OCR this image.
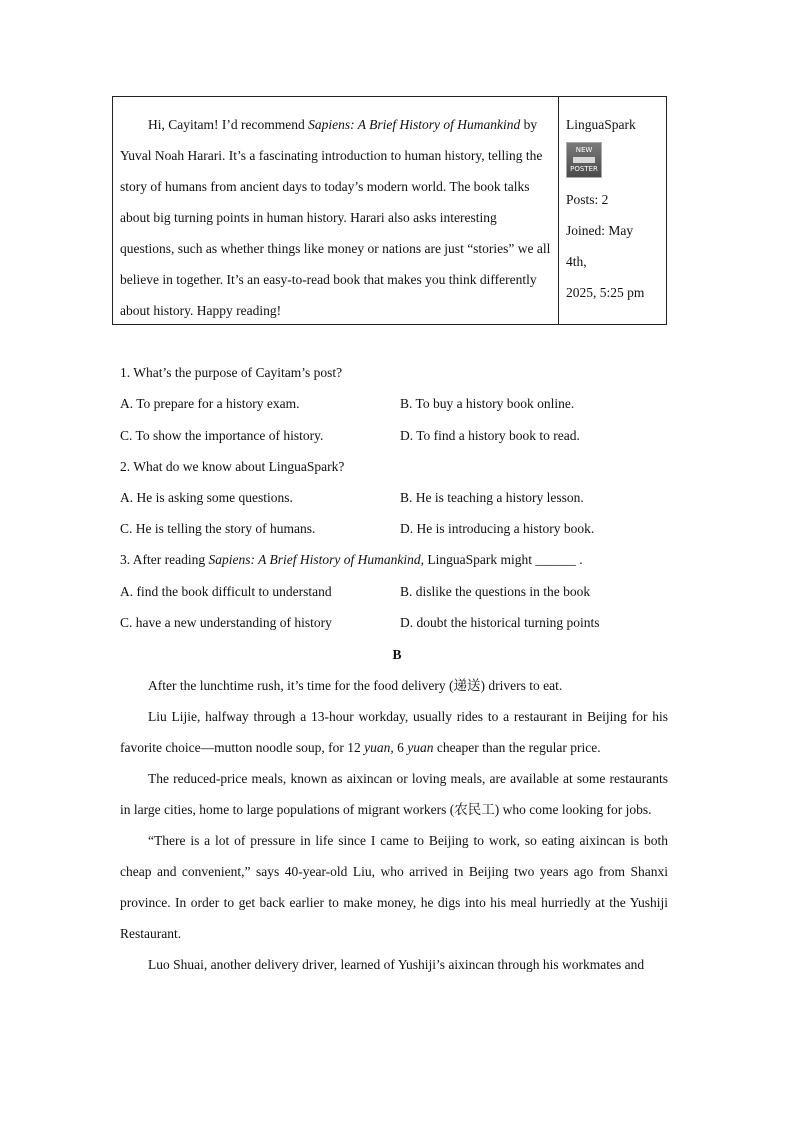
Hi, Cayitam! I’d recommend Sapiens: A Brief History of Humankind by Yuval Noah Harari. It’s a fascinating introduction to human history, telling the story of humans from ancient days to today’s modern world. The book talks about big turning points in human history. Harari also asks interesting questions, such as whether things like money or nations are just “stories” we all believe in together. It’s an easy-to-read book that makes you think differently about history. Happy reading!

LinguaSpark
NEW
POSTER
Posts: 2
Joined: May
4th,
2025, 5:25 pm
1. What’s the purpose of Cayitam’s post?
A. To prepare for a history exam.	B. To buy a history book online.
C. To show the importance of history.	D. To find a history book to read.
2. What do we know about LinguaSpark?
A. He is asking some questions.	B. He is teaching a history lesson.
C. He is telling the story of humans.	D. He is introducing a history book.
3. After reading Sapiens: A Brief History of Humankind, LinguaSpark might ______ .
A. find the book difficult to understand	B. dislike the questions in the book
C. have a new understanding of history	D. doubt the historical turning points
B

After the lunchtime rush, it’s time for the food delivery (递送) drivers to eat.

Liu Lijie, halfway through a 13-hour workday, usually rides to a restaurant in Beijing for his favorite choice—mutton noodle soup, for 12 yuan, 6 yuan cheaper than the regular price.

The reduced-price meals, known as aixincan or loving meals, are available at some restaurants in large cities, home to large populations of migrant workers (农民工) who come looking for jobs.

“There is a lot of pressure in life since I came to Beijing to work, so eating aixincan is both cheap and convenient,” says 40-year-old Liu, who arrived in Beijing two years ago from Shanxi province. In order to get back earlier to make money, he digs into his meal hurriedly at the Yushiji Restaurant.

Luo Shuai, another delivery driver, learned of Yushiji’s aixincan through his workmates and
